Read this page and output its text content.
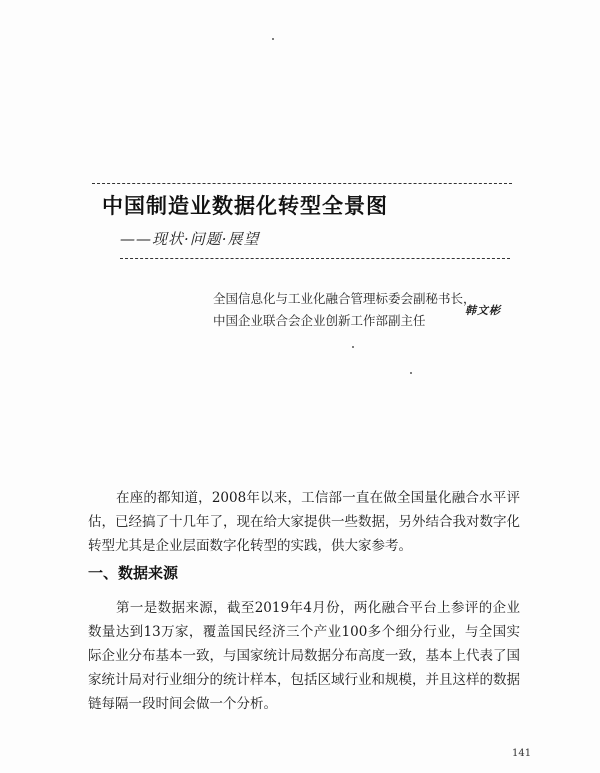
中国制造业数据化转型全景图
——现状·问题·展望
全国信息化与工业化融合管理标委会副秘书长，
中国企业联合会企业创新工作部副主任
韩文彬
在座的都知道，2008年以来，工信部一直在做全国量化融合水平评估，已经搞了十几年了，现在给大家提供一些数据，另外结合我对数字化转型尤其是企业层面数字化转型的实践，供大家参考。
一、数据来源
第一是数据来源，截至2019年4月份，两化融合平台上参评的企业数量达到13万家，覆盖国民经济三个产业100多个细分行业，与全国实际企业分布基本一致，与国家统计局数据分布高度一致，基本上代表了国家统计局对行业细分的统计样本，包括区域行业和规模，并且这样的数据链每隔一段时间会做一个分析。
141
